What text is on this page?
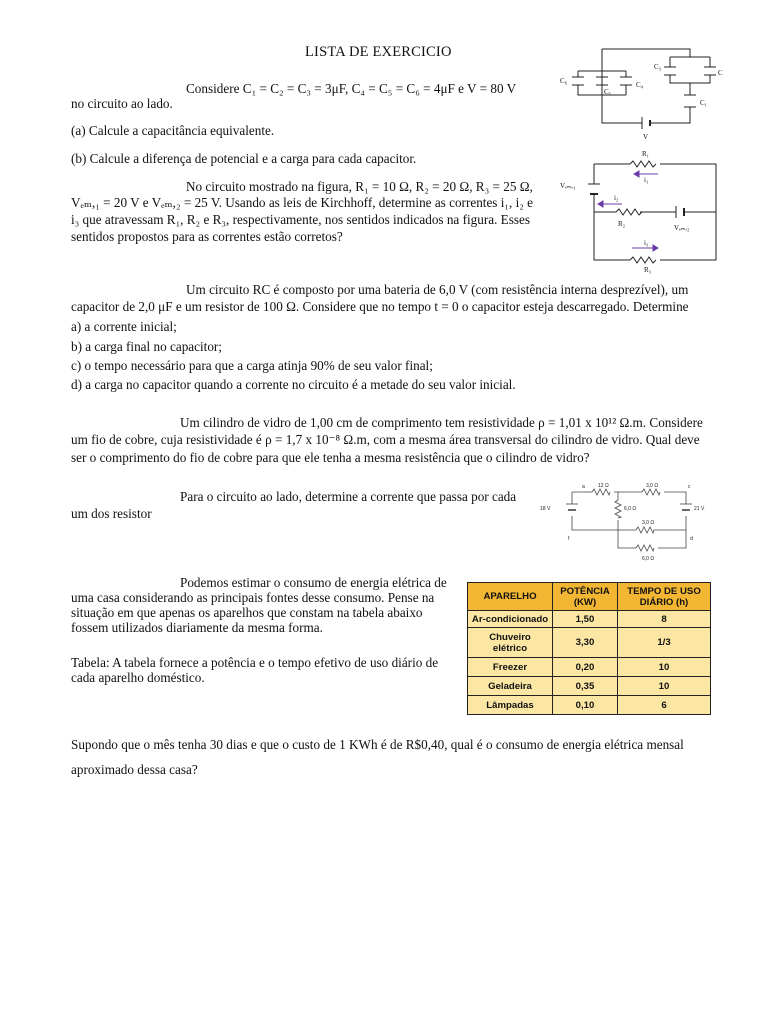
LISTA DE EXERCICIO
Considere C₁ = C₂ = C₃ = 3μF, C₄ = C₅ = C₆ = 4μF e V = 80 V
no circuito ao lado.
(a) Calcule a capacitância equivalente.
(b) Calcule a diferença de potencial e a carga para cada capacitor.
C₆
C₅
C₄
C₃
C
C₁
V
No circuito mostrado na figura, R₁ = 10 Ω, R₂ = 20 Ω, R₃ = 25 Ω,
Vₑₘ,₁ = 20 V e Vₑₘ,₂ = 25 V. Usando as leis de Kirchhoff, determine as correntes i₁, i₂ e
i₃ que atravessam R₁, R₂ e R₃, respectivamente, nos sentidos indicados na figura. Esses
sentidos propostos para as correntes estão corretos?
R₁
i₁
Vₑₘ,₁
i₂
R₂	Vₑₘ,₂
i₃
R₃
Um circuito RC é composto por uma bateria de 6,0 V (com resistência interna desprezível), um
capacitor de 2,0 μF e um resistor de 100 Ω. Considere que no tempo t = 0 o capacitor esteja descarregado. Determine
a) a corrente inicial;
b) a carga final no capacitor;
c) o tempo necessário para que a carga atinja 90% de seu valor final;
d) a carga no capacitor quando a corrente no circuito é a metade do seu valor inicial.
Um cilindro de vidro de 1,00 cm de comprimento tem resistividade ρ = 1,01 x 10¹² Ω.m. Considere
um fio de cobre, cuja resistividade é ρ = 1,7 x 10⁻⁸ Ω.m, com a mesma área transversal do cilindro de vidro. Qual deve
ser o comprimento do fio de cobre para que ele tenha a mesma resistência que o cilindro de vidro?
Para o circuito ao lado, determine a corrente que passa por cada
um dos resistor
12 Ω	3,0 Ω
6,0 Ω
3,0 Ω
6,0 Ω
18 V	21 V
a	c
d
f
Podemos estimar o consumo de energia elétrica de
uma casa considerando as principais fontes desse consumo. Pense na
situação em que apenas os aparelhos que constam na tabela abaixo
fossem utilizados diariamente da mesma forma.
Tabela: A tabela fornece a potência e o tempo efetivo de uso diário de
cada aparelho doméstico.
APARELHO	POTÊNCIA (KW)	TEMPO DE USO DIÁRIO (h)
Ar-condicionado	1,50	8
Chuveiro elétrico	3,30	1/3
Freezer	0,20	10
Geladeira	0,35	10
Lâmpadas	0,10	6
Supondo que o mês tenha 30 dias e que o custo de 1 KWh é de R$0,40, qual é o consumo de energia elétrica mensal
aproximado dessa casa?
